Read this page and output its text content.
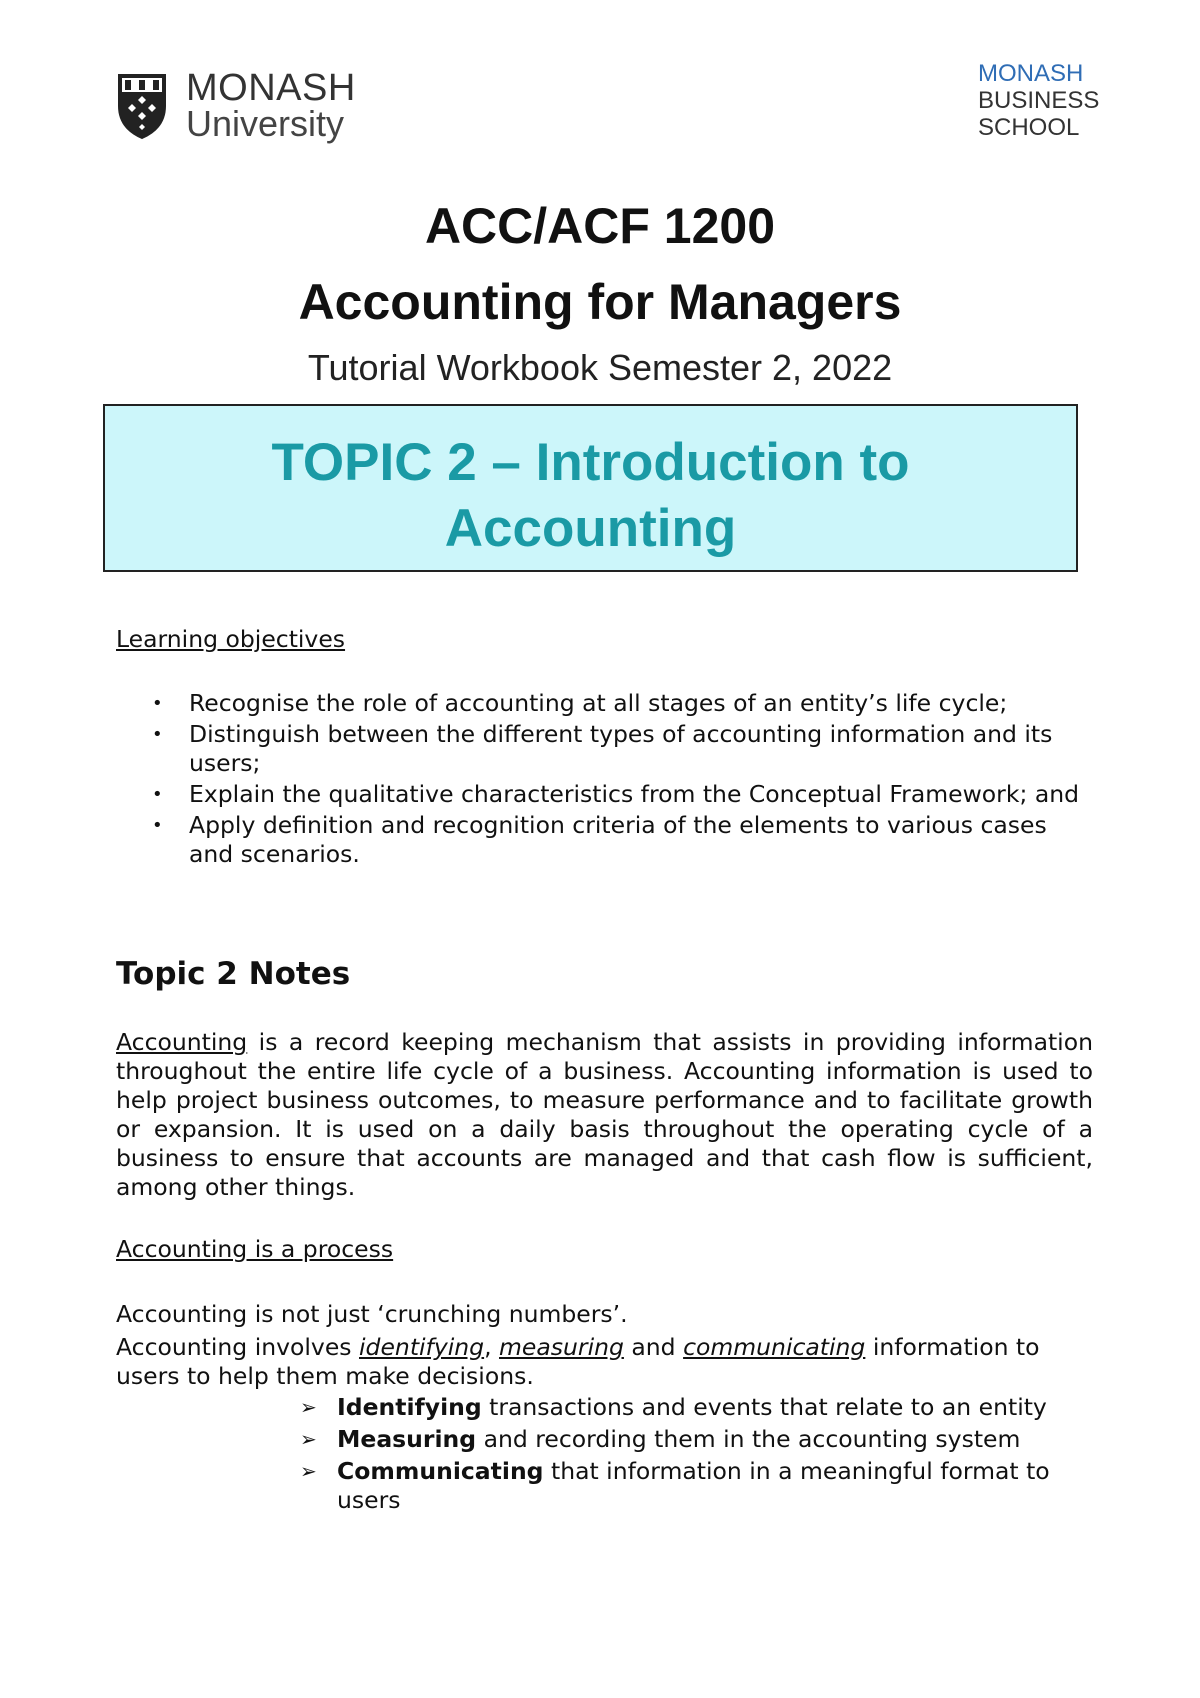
MONASH
University
MONASH
BUSINESS
SCHOOL
ACC/ACF 1200
Accounting for Managers
Tutorial Workbook Semester 2, 2022
TOPIC 2 – Introduction to
Accounting
Learning objectives
• Recognise the role of accounting at all stages of an entity’s life cycle;
• Distinguish between the different types of accounting information and its users;
• Explain the qualitative characteristics from the Conceptual Framework; and
• Apply definition and recognition criteria of the elements to various cases and scenarios.
Topic 2 Notes
Accounting is a record keeping mechanism that assists in providing information throughout the entire life cycle of a business. Accounting information is used to help project business outcomes, to measure performance and to facilitate growth or expansion. It is used on a daily basis throughout the operating cycle of a business to ensure that accounts are managed and that cash flow is sufficient, among other things.
Accounting is a process
Accounting is not just ‘crunching numbers’.
Accounting involves identifying, measuring and communicating information to users to help them make decisions.
➢ Identifying transactions and events that relate to an entity
➢ Measuring and recording them in the accounting system
➢ Communicating that information in a meaningful format to users
